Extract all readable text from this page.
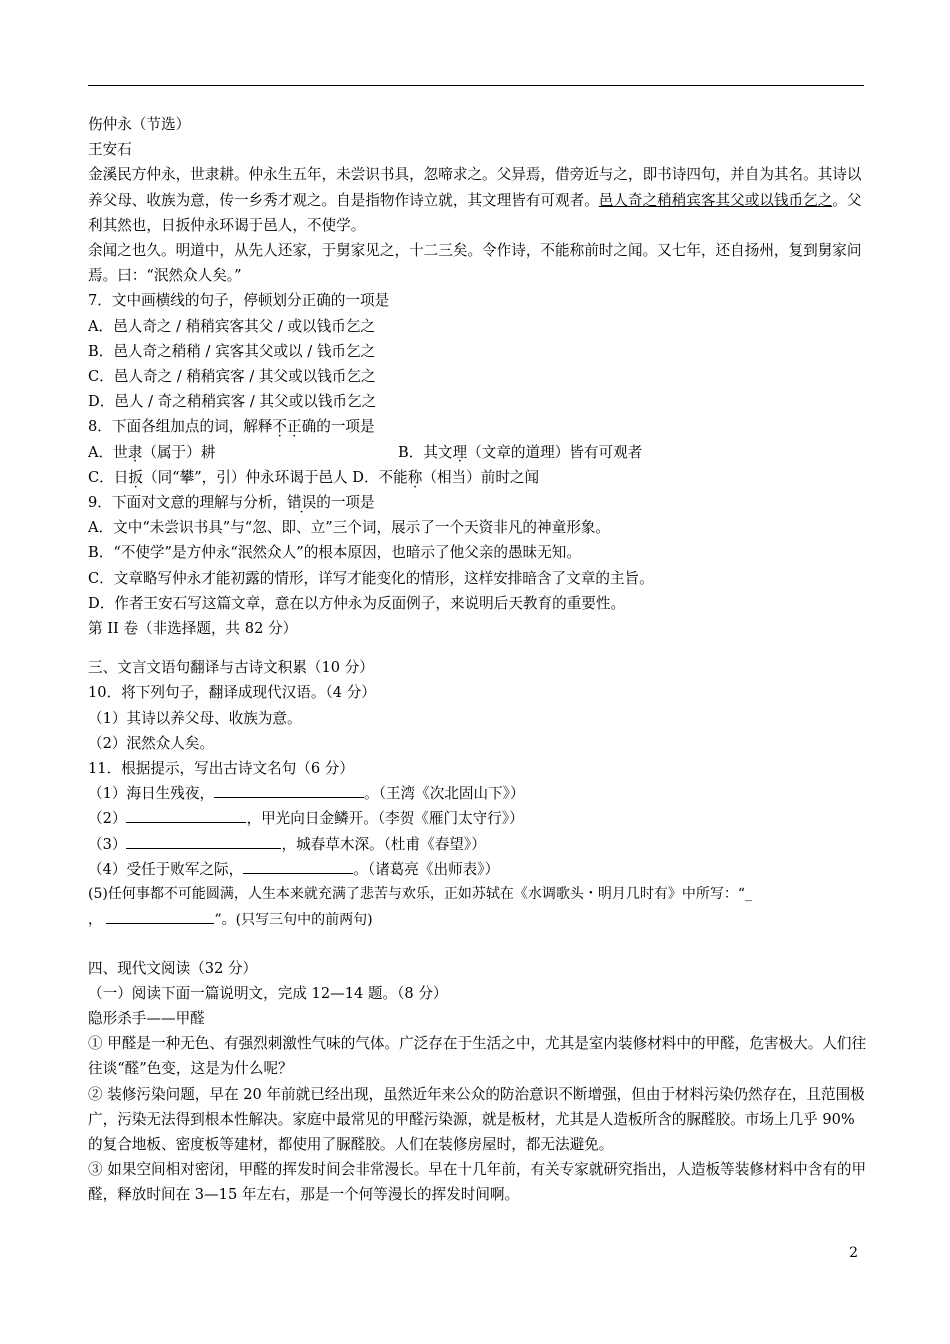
伤仲永（节选）

王安石

金溪民方仲永，世隶耕。仲永生五年，未尝识书具，忽啼求之。父异焉，借旁近与之，即书诗四句，并自为其名。其诗以养父母、收族为意，传一乡秀才观之。自是指物作诗立就，其文理皆有可观者。邑人奇之稍稍宾客其父或以钱币乞之。父利其然也，日扳仲永环谒于邑人，不使学。

余闻之也久。明道中，从先人还家，于舅家见之，十二三矣。令作诗，不能称前时之闻。又七年，还自扬州，复到舅家问焉。曰：“泯然众人矣。”

7．文中画横线的句子，停顿划分正确的一项是

A．邑人奇之 / 稍稍宾客其父 / 或以钱币乞之

B．邑人奇之稍稍 / 宾客其父或以 / 钱币乞之

C．邑人奇之 / 稍稍宾客 / 其父或以钱币乞之

D．邑人 / 奇之稍稍宾客 / 其父或以钱币乞之

8．下面各组加点的词，解释不正确的一项是

A．世隶（属于）耕	B．其文理（文章的道理）皆有可观者

C．日扳（同“攀”，引）仲永环谒于邑人 D．不能称（相当）前时之闻

9．下面对文意的理解与分析，错误的一项是

A．文中“未尝识书具”与“忽、即、立”三个词，展示了一个天资非凡的神童形象。

B．“不使学”是方仲永“泯然众人”的根本原因，也暗示了他父亲的愚昧无知。

C．文章略写仲永才能初露的情形，详写才能变化的情形，这样安排暗含了文章的主旨。

D．作者王安石写这篇文章，意在以方仲永为反面例子，来说明后天教育的重要性。

第 II 卷（非选择题，共 82 分）

三、文言文语句翻译与古诗文积累（10 分）

10．将下列句子，翻译成现代汉语。（4 分）

（1）其诗以养父母、收族为意。

（2）泯然众人矣。

11．根据提示，写出古诗文名句（6 分）

（1）海日生残夜，	。（王湾《次北固山下》）

（2）	，甲光向日金鳞开。（李贺《雁门太守行》）

（3）	，城春草木深。（杜甫《春望》）

（4）受任于败军之际，	。（诸葛亮《出师表》）

(5)任何事都不可能圆满，人生本来就充满了悲苦与欢乐，正如苏轼在《水调歌头・明月几时有》中所写：“_

，	”。(只写三句中的前两句)

四、现代文阅读（32 分）

（一）阅读下面一篇说明文，完成 12—14 题。（8 分）

隐形杀手——甲醛

① 甲醛是一种无色、有强烈刺激性气味的气体。广泛存在于生活之中，尤其是室内装修材料中的甲醛，危害极大。人们往往谈“醛”色变，这是为什么呢？

② 装修污染问题，早在 20 年前就已经出现，虽然近年来公众的防治意识不断增强，但由于材料污染仍然存在，且范围极广，污染无法得到根本性解决。家庭中最常见的甲醛污染源，就是板材，尤其是人造板所含的脲醛胶。市场上几乎 90%的复合地板、密度板等建材，都使用了脲醛胶。人们在装修房屋时，都无法避免。

③ 如果空间相对密闭，甲醛的挥发时间会非常漫长。早在十几年前，有关专家就研究指出，人造板等装修材料中含有的甲醛，释放时间在 3—15 年左右，那是一个何等漫长的挥发时间啊。

2
